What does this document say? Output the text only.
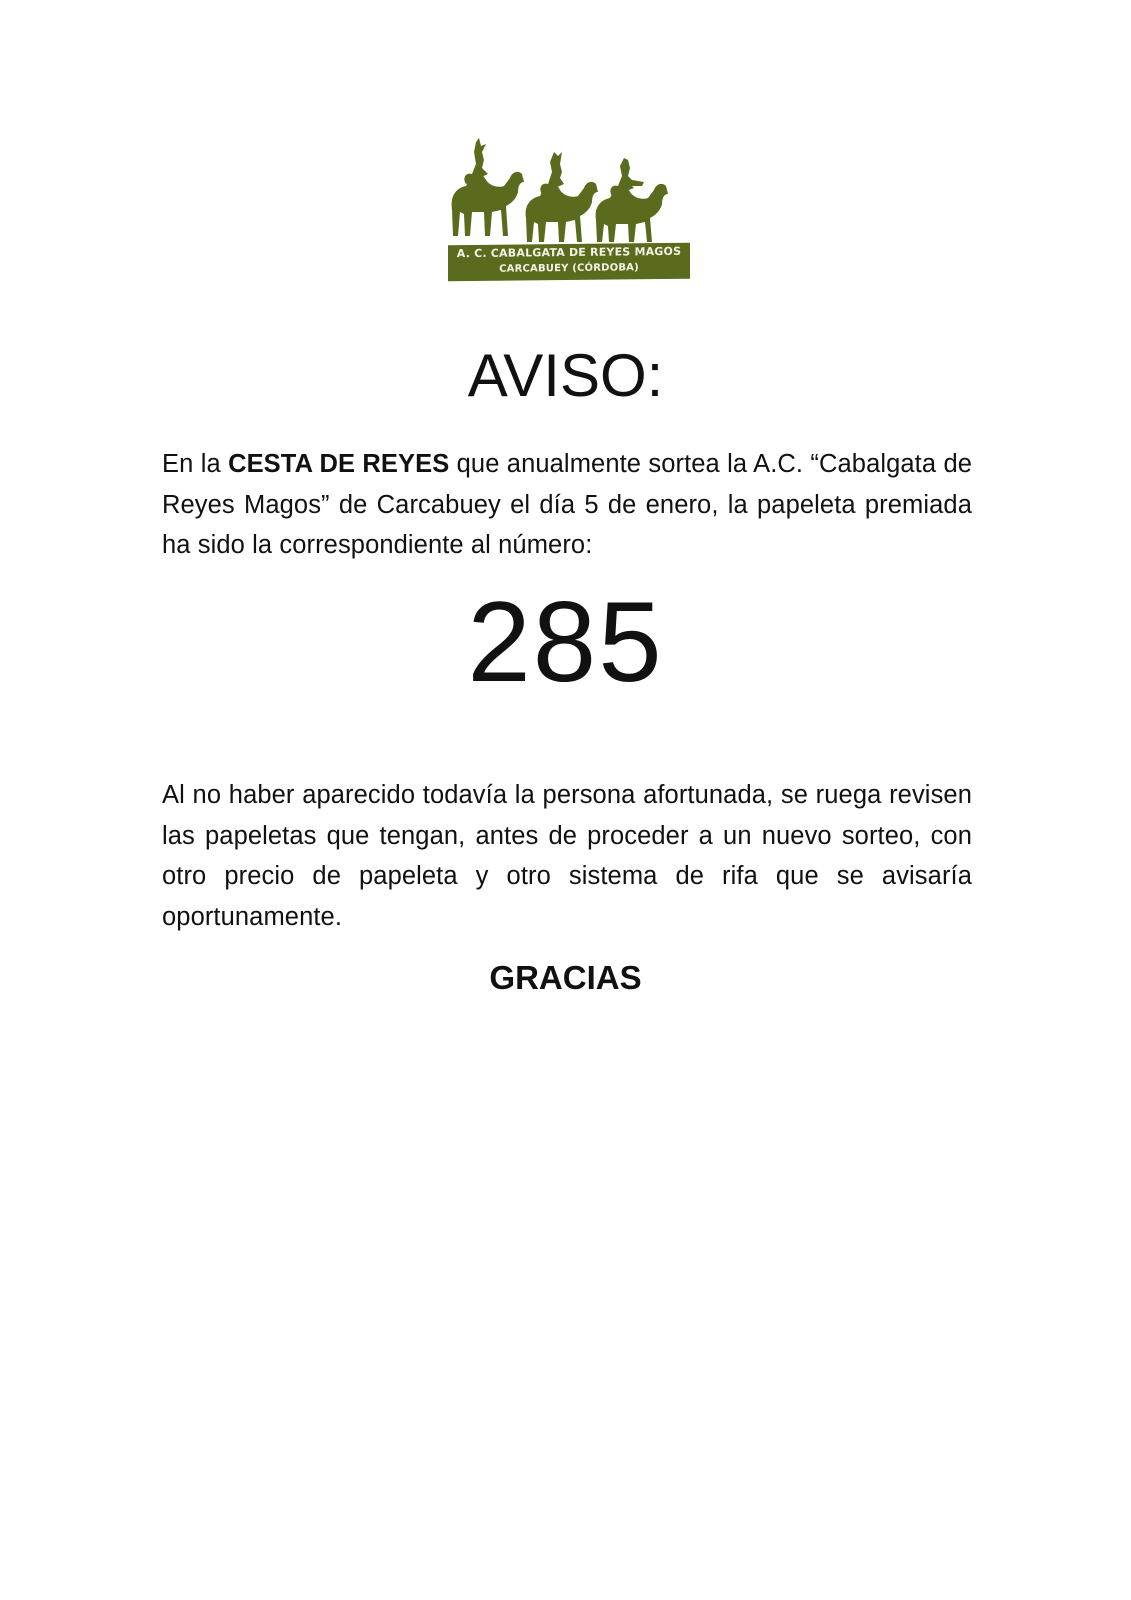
A. C. CABALGATA DE REYES MAGOS
CARCABUEY (CÓRDOBA)
AVISO:
En la CESTA DE REYES que anualmente sortea la A.C. “Cabalgata de Reyes Magos” de Carcabuey el día 5 de enero, la papeleta premiada ha sido la correspondiente al número:
285
Al no haber aparecido todavía la persona afortunada, se ruega revisen las papeletas que tengan, antes de proceder a un nuevo sorteo, con otro precio de papeleta y otro sistema de rifa que se avisaría oportunamente.
GRACIAS
